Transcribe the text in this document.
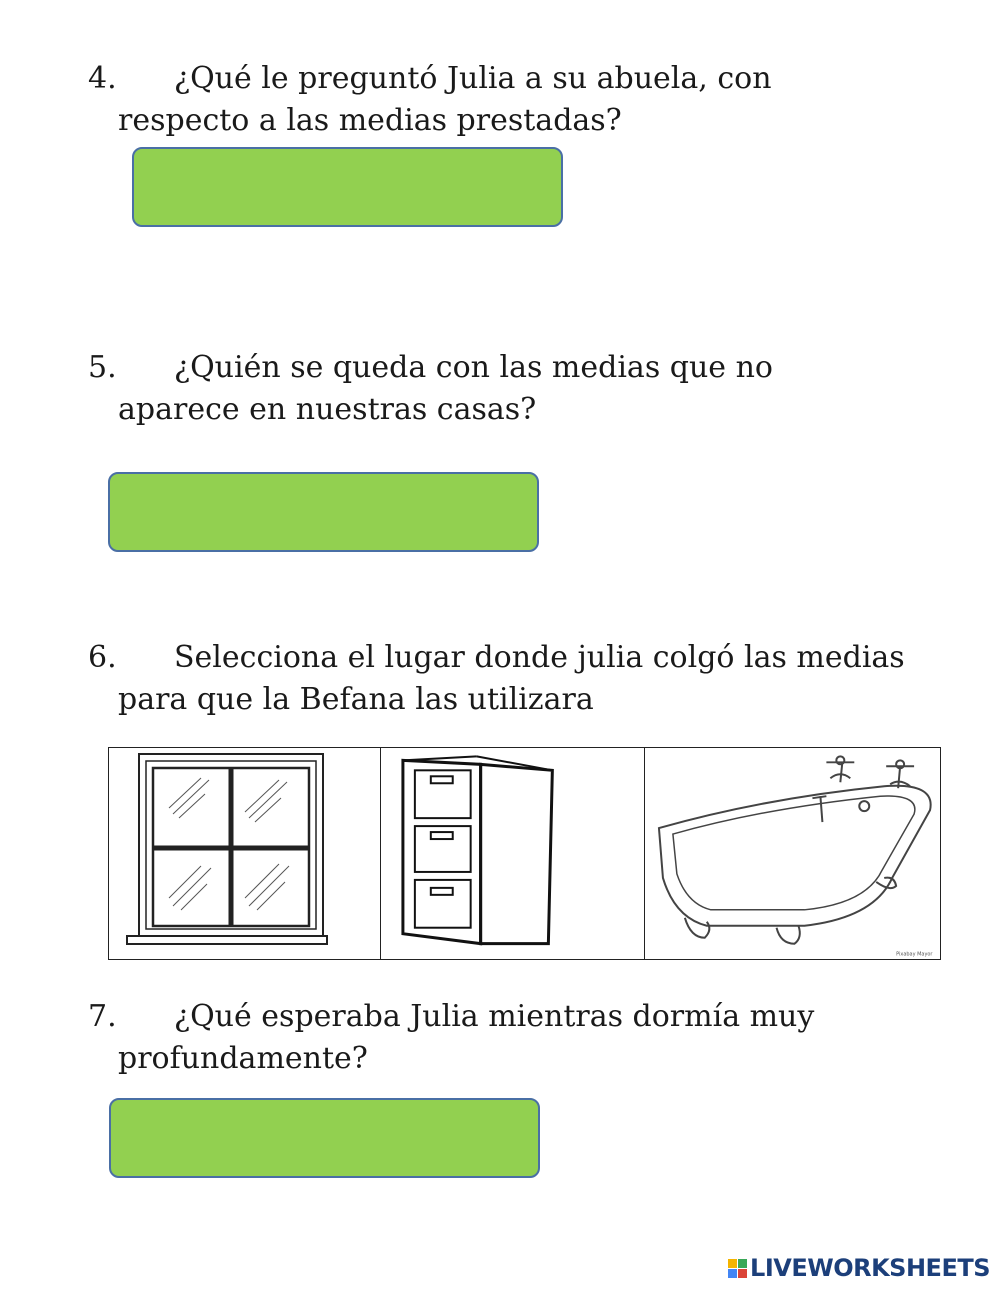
4. ¿Qué le preguntó Julia a su abuela, con
respecto a las medias prestadas?
5. ¿Quién se queda con las medias que no
aparece en nuestras casas?
6. Selecciona el lugar donde julia colgó las medias
para que la Befana las utilizara
Pixabay Mayor
7. ¿Qué esperaba Julia mientras dormía muy
profundamente?
LIVEWORKSHEETS
